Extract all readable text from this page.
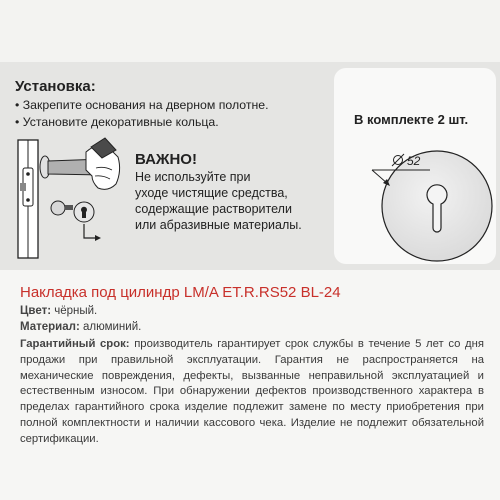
Установка:
• Закрепите основания на дверном полотне.
• Установите декоративные кольца.
ВАЖНО!
Не используйте при
уходе чистящие средства,
содержащие растворители
или абразивные материалы.
В комплекте 2 шт.
52
Накладка под цилиндр LM/A ET.R.RS52 BL-24
Цвет: чёрный.
Материал: алюминий.
Гарантийный срок: производитель гарантирует срок службы в течение 5 лет со дня продажи при правильной эксплуатации. Гарантия не распространяется на механические повреждения, дефекты, вызванные неправильной эксплуатацией и естественным износом. При обнаружении дефектов производственного характера в пределах гарантийного срока изделие подлежит замене по месту приобретения при полной комплектности и наличии кассового чека. Изделие не подлежит обязательной сертификации.
